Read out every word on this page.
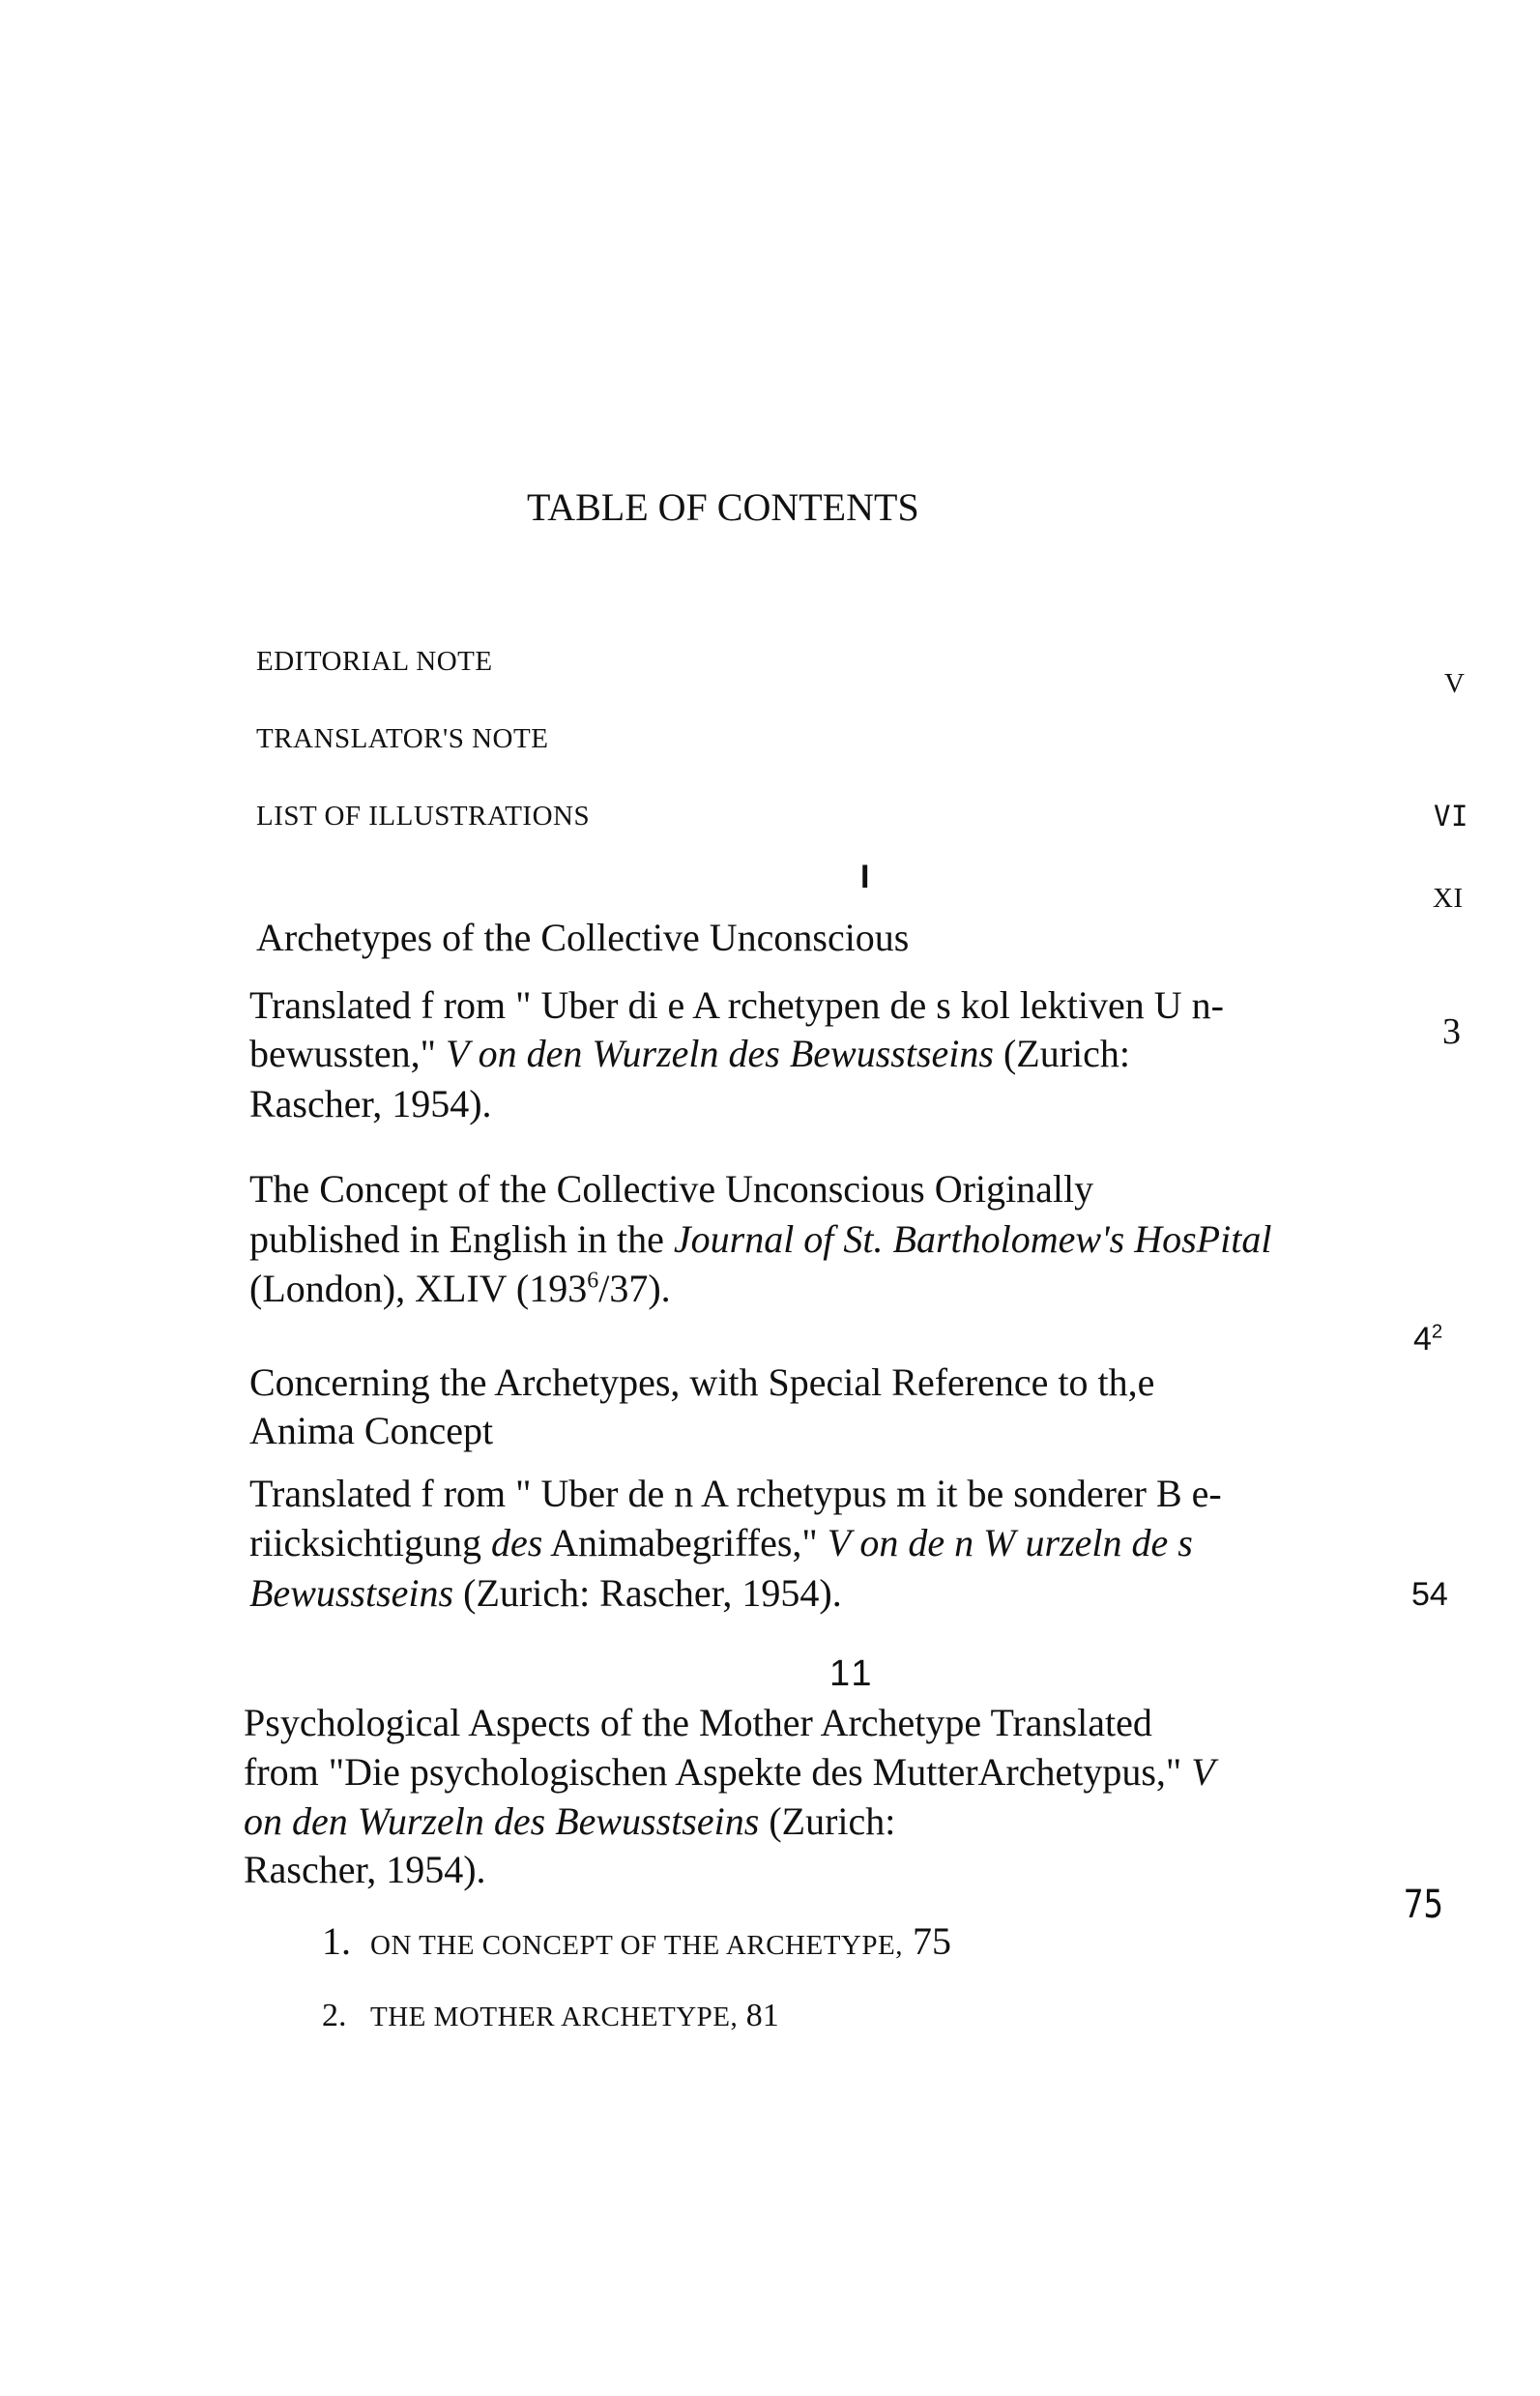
TABLE OF CONTENTS
EDITORIAL NOTE
V
TRANSLATOR'S NOTE
LIST OF ILLUSTRATIONS	VI
I
XI
Archetypes of the Collective Unconscious
Translated f rom " Uber di e A rchetypen de s kol lektiven U n-
bewussten," V on den Wurzeln des Bewusstseins (Zurich:
Rascher, 1954).
3
The Concept of the Collective Unconscious Originally
published in English in the Journal of St. Bartholomew's HosPital
(London), XLIV $(193^6/37)$.
$4^2$
Concerning the Archetypes, with Special Reference to th,e
Anima Concept
Translated f rom " Uber de n A rchetypus m it be sonderer B e-
riicksichtigung des Animabegriffes," V on de n W urzeln de s
Bewusstseins (Zurich: Rascher, 1954).	54
11
Psychological Aspects of the Mother Archetype Translated
from "Die psychologischen Aspekte des MutterArchetypus," V
on den Wurzeln des Bewusstseins (Zurich:
Rascher, 1954).
75
1. ON THE CONCEPT OF THE ARCHETYPE, 75
2. THE MOTHER ARCHETYPE, 81
